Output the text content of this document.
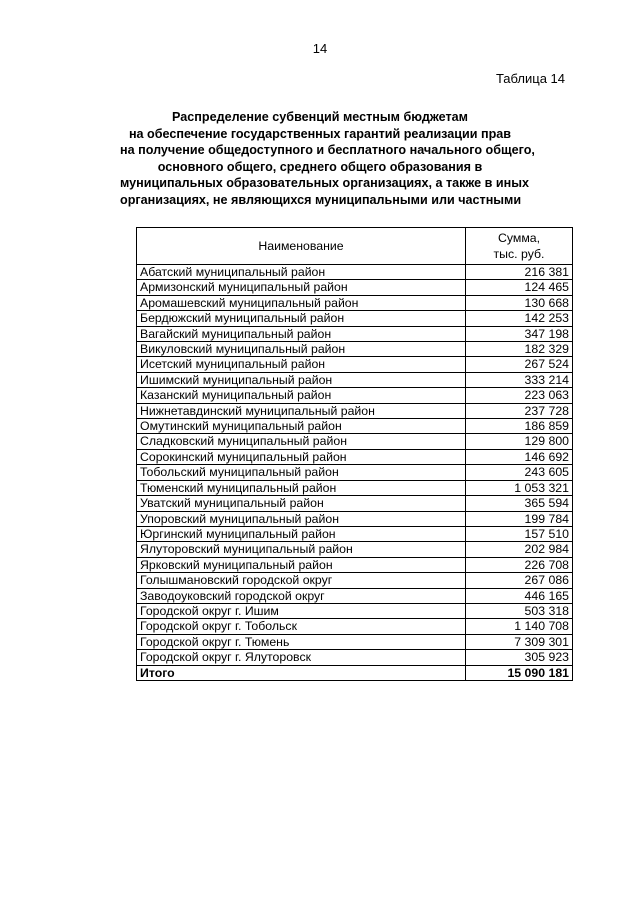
14
Таблица 14
Распределение субвенций местным бюджетам
на обеспечение государственных гарантий реализации прав
на получение общедоступного и бесплатного начального общего,
основного общего, среднего общего образования в
муниципальных образовательных организациях, а также в иных
организациях, не являющихся муниципальными или частными
Наименование	Сумма,
тыс. руб.

Абатский муниципальный район	216 381
Армизонский муниципальный район	124 465
Аромашевский муниципальный район	130 668
Бердюжский муниципальный район	142 253
Вагайский муниципальный район	347 198
Викуловский муниципальный район	182 329
Исетский муниципальный район	267 524
Ишимский муниципальный район	333 214
Казанский муниципальный район	223 063
Нижнетавдинский муниципальный район	237 728
Омутинский муниципальный район	186 859
Сладковский муниципальный район	129 800
Сорокинский муниципальный район	146 692
Тобольский муниципальный район	243 605
Тюменский муниципальный район	1 053 321
Уватский муниципальный район	365 594
Упоровский муниципальный район	199 784
Юргинский муниципальный район	157 510
Ялуторовский муниципальный район	202 984
Ярковский муниципальный район	226 708
Голышмановский городской округ	267 086
Заводоуковский городской округ	446 165
Городской округ г. Ишим	503 318
Городской округ г. Тобольск	1 140 708
Городской округ г. Тюмень	7 309 301
Городской округ г. Ялуторовск	305 923
Итого	15 090 181
